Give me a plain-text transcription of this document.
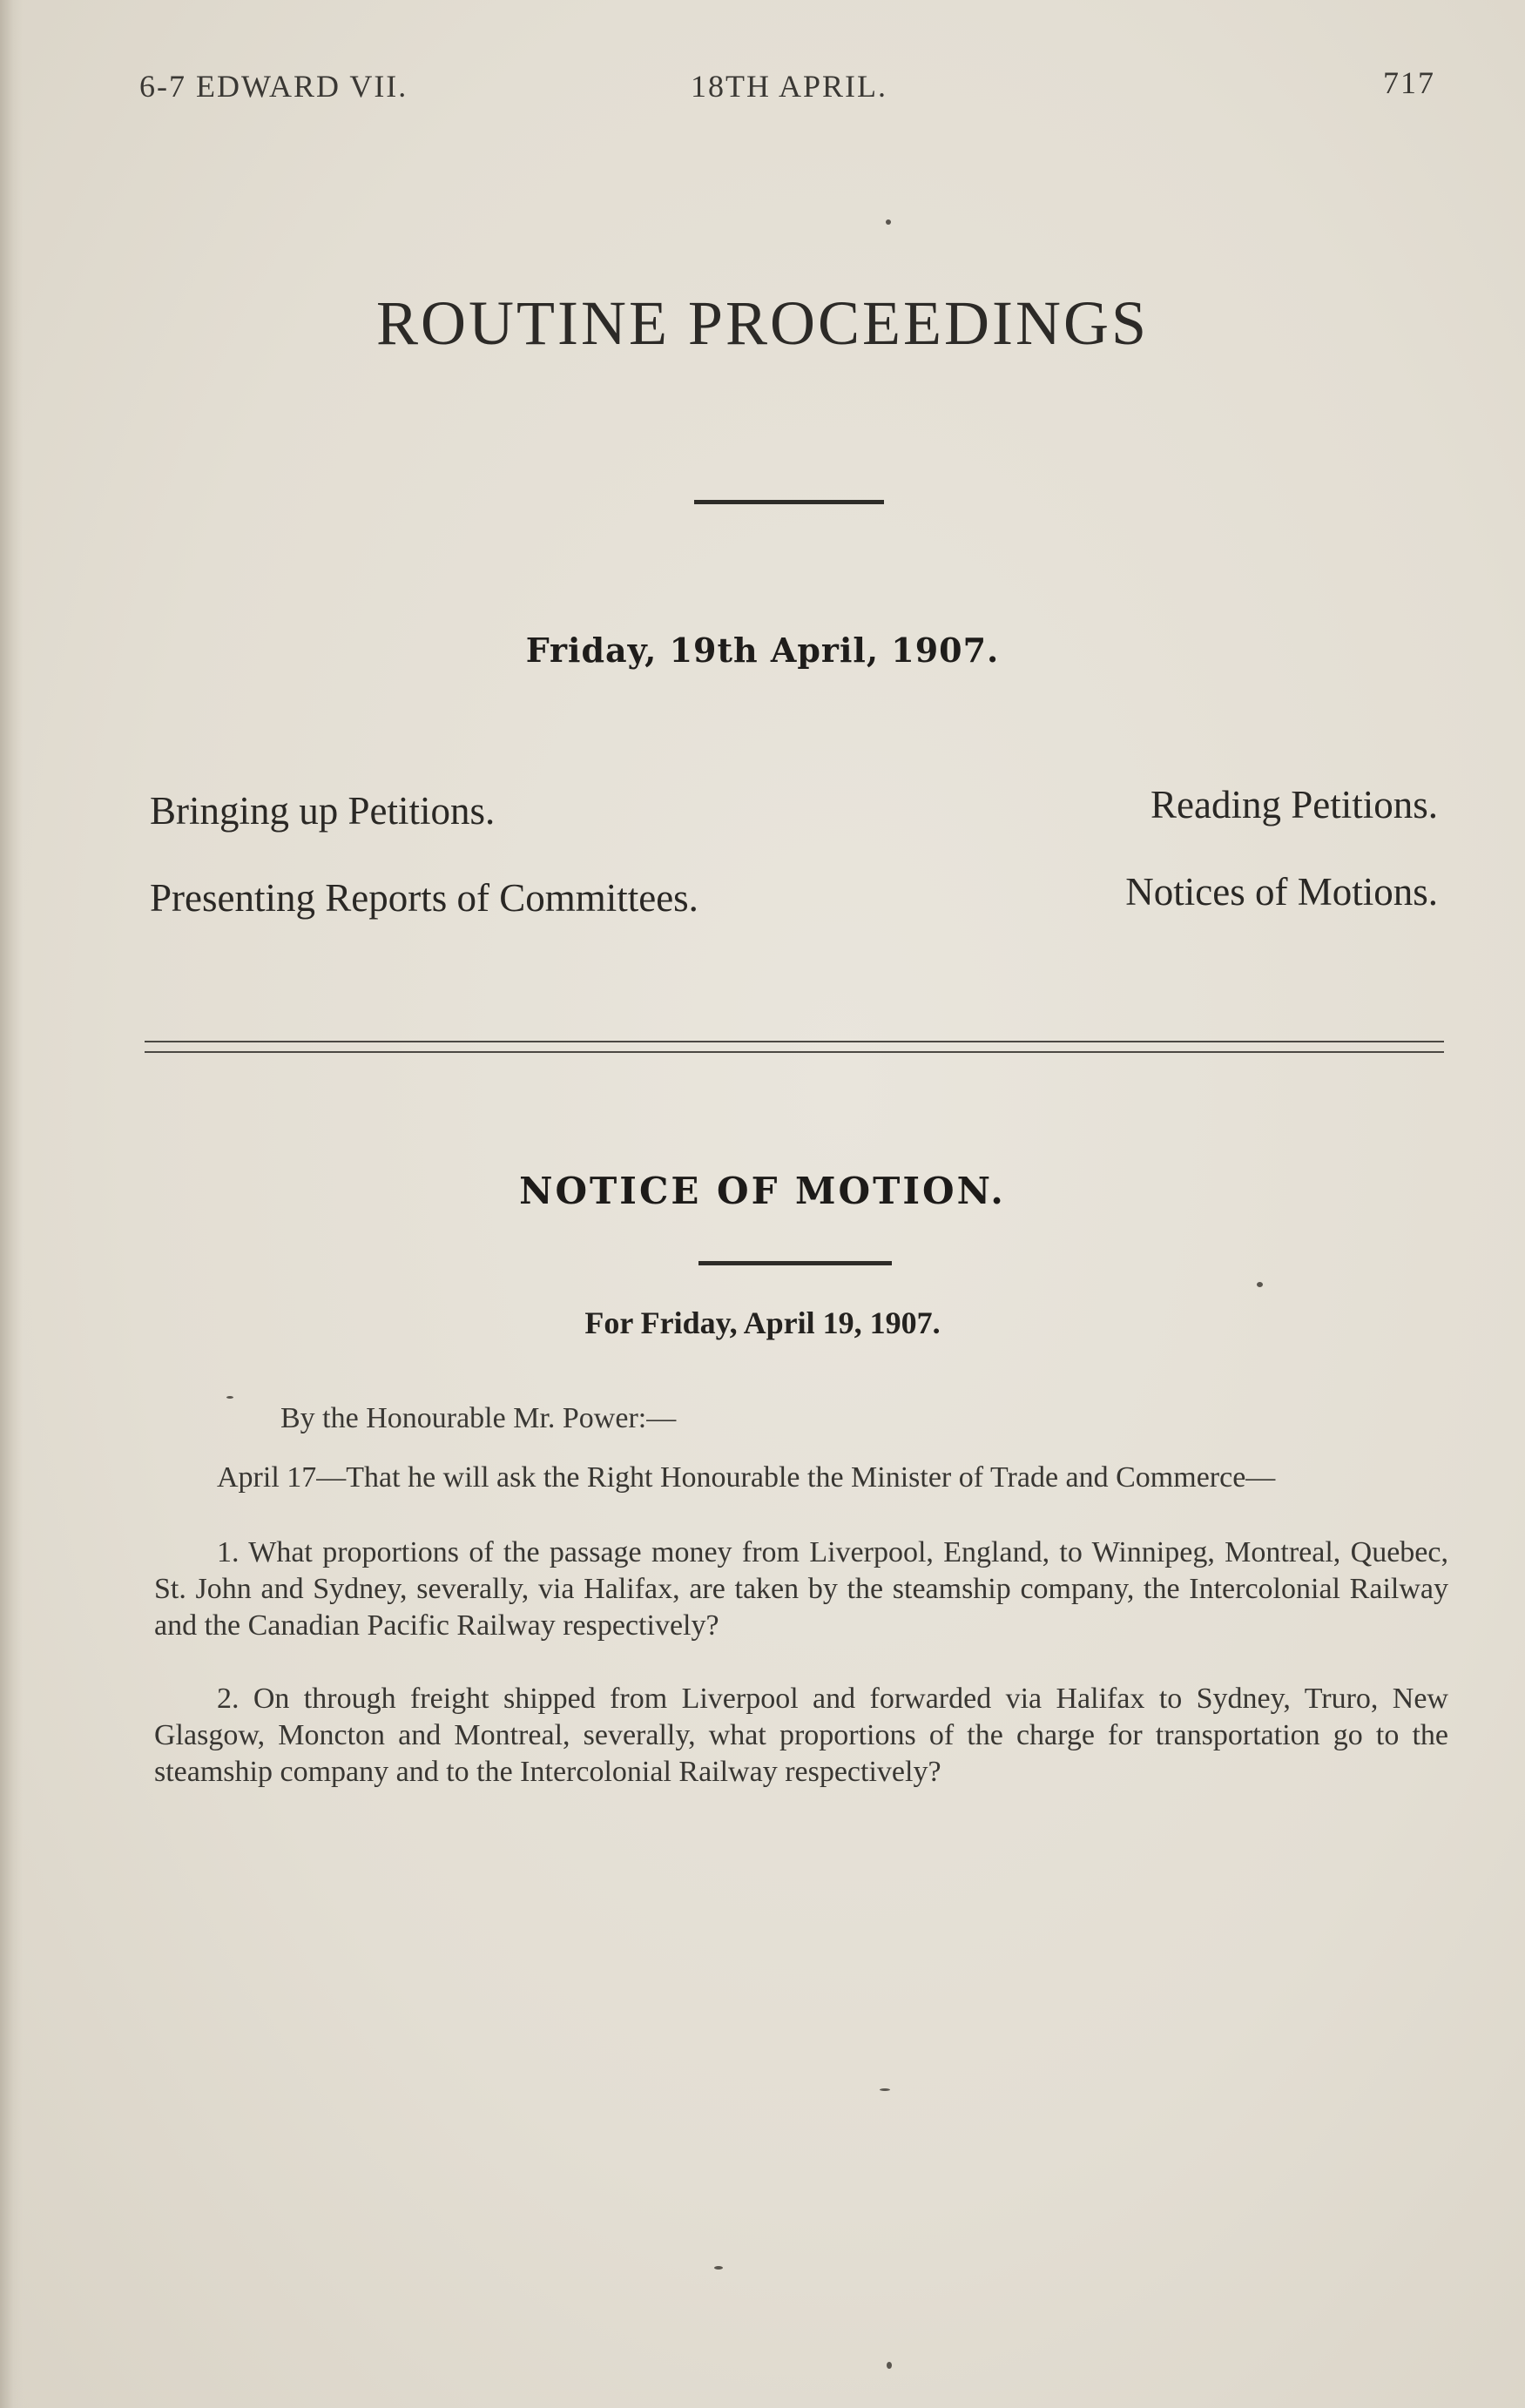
6-7 EDWARD VII.	18TH APRIL.	717
ROUTINE PROCEEDINGS
Friday, 19th April, 1907.
Bringing up Petitions.	Reading Petitions.
Presenting Reports of Committees.	Notices of Motions.
NOTICE OF MOTION.
For Friday, April 19, 1907.
By the Honourable Mr. Power:—
April 17—That he will ask the Right Honourable the Minister of Trade and Commerce—
1. What proportions of the passage money from Liverpool, England, to Winnipeg, Montreal, Quebec, St. John and Sydney, severally, via Halifax, are taken by the steamship company, the Intercolonial Railway and the Canadian Pacific Railway respectively?
2. On through freight shipped from Liverpool and forwarded via Halifax to Sydney, Truro, New Glasgow, Moncton and Montreal, severally, what proportions of the charge for transportation go to the steamship company and to the Intercolonial Railway respectively?
